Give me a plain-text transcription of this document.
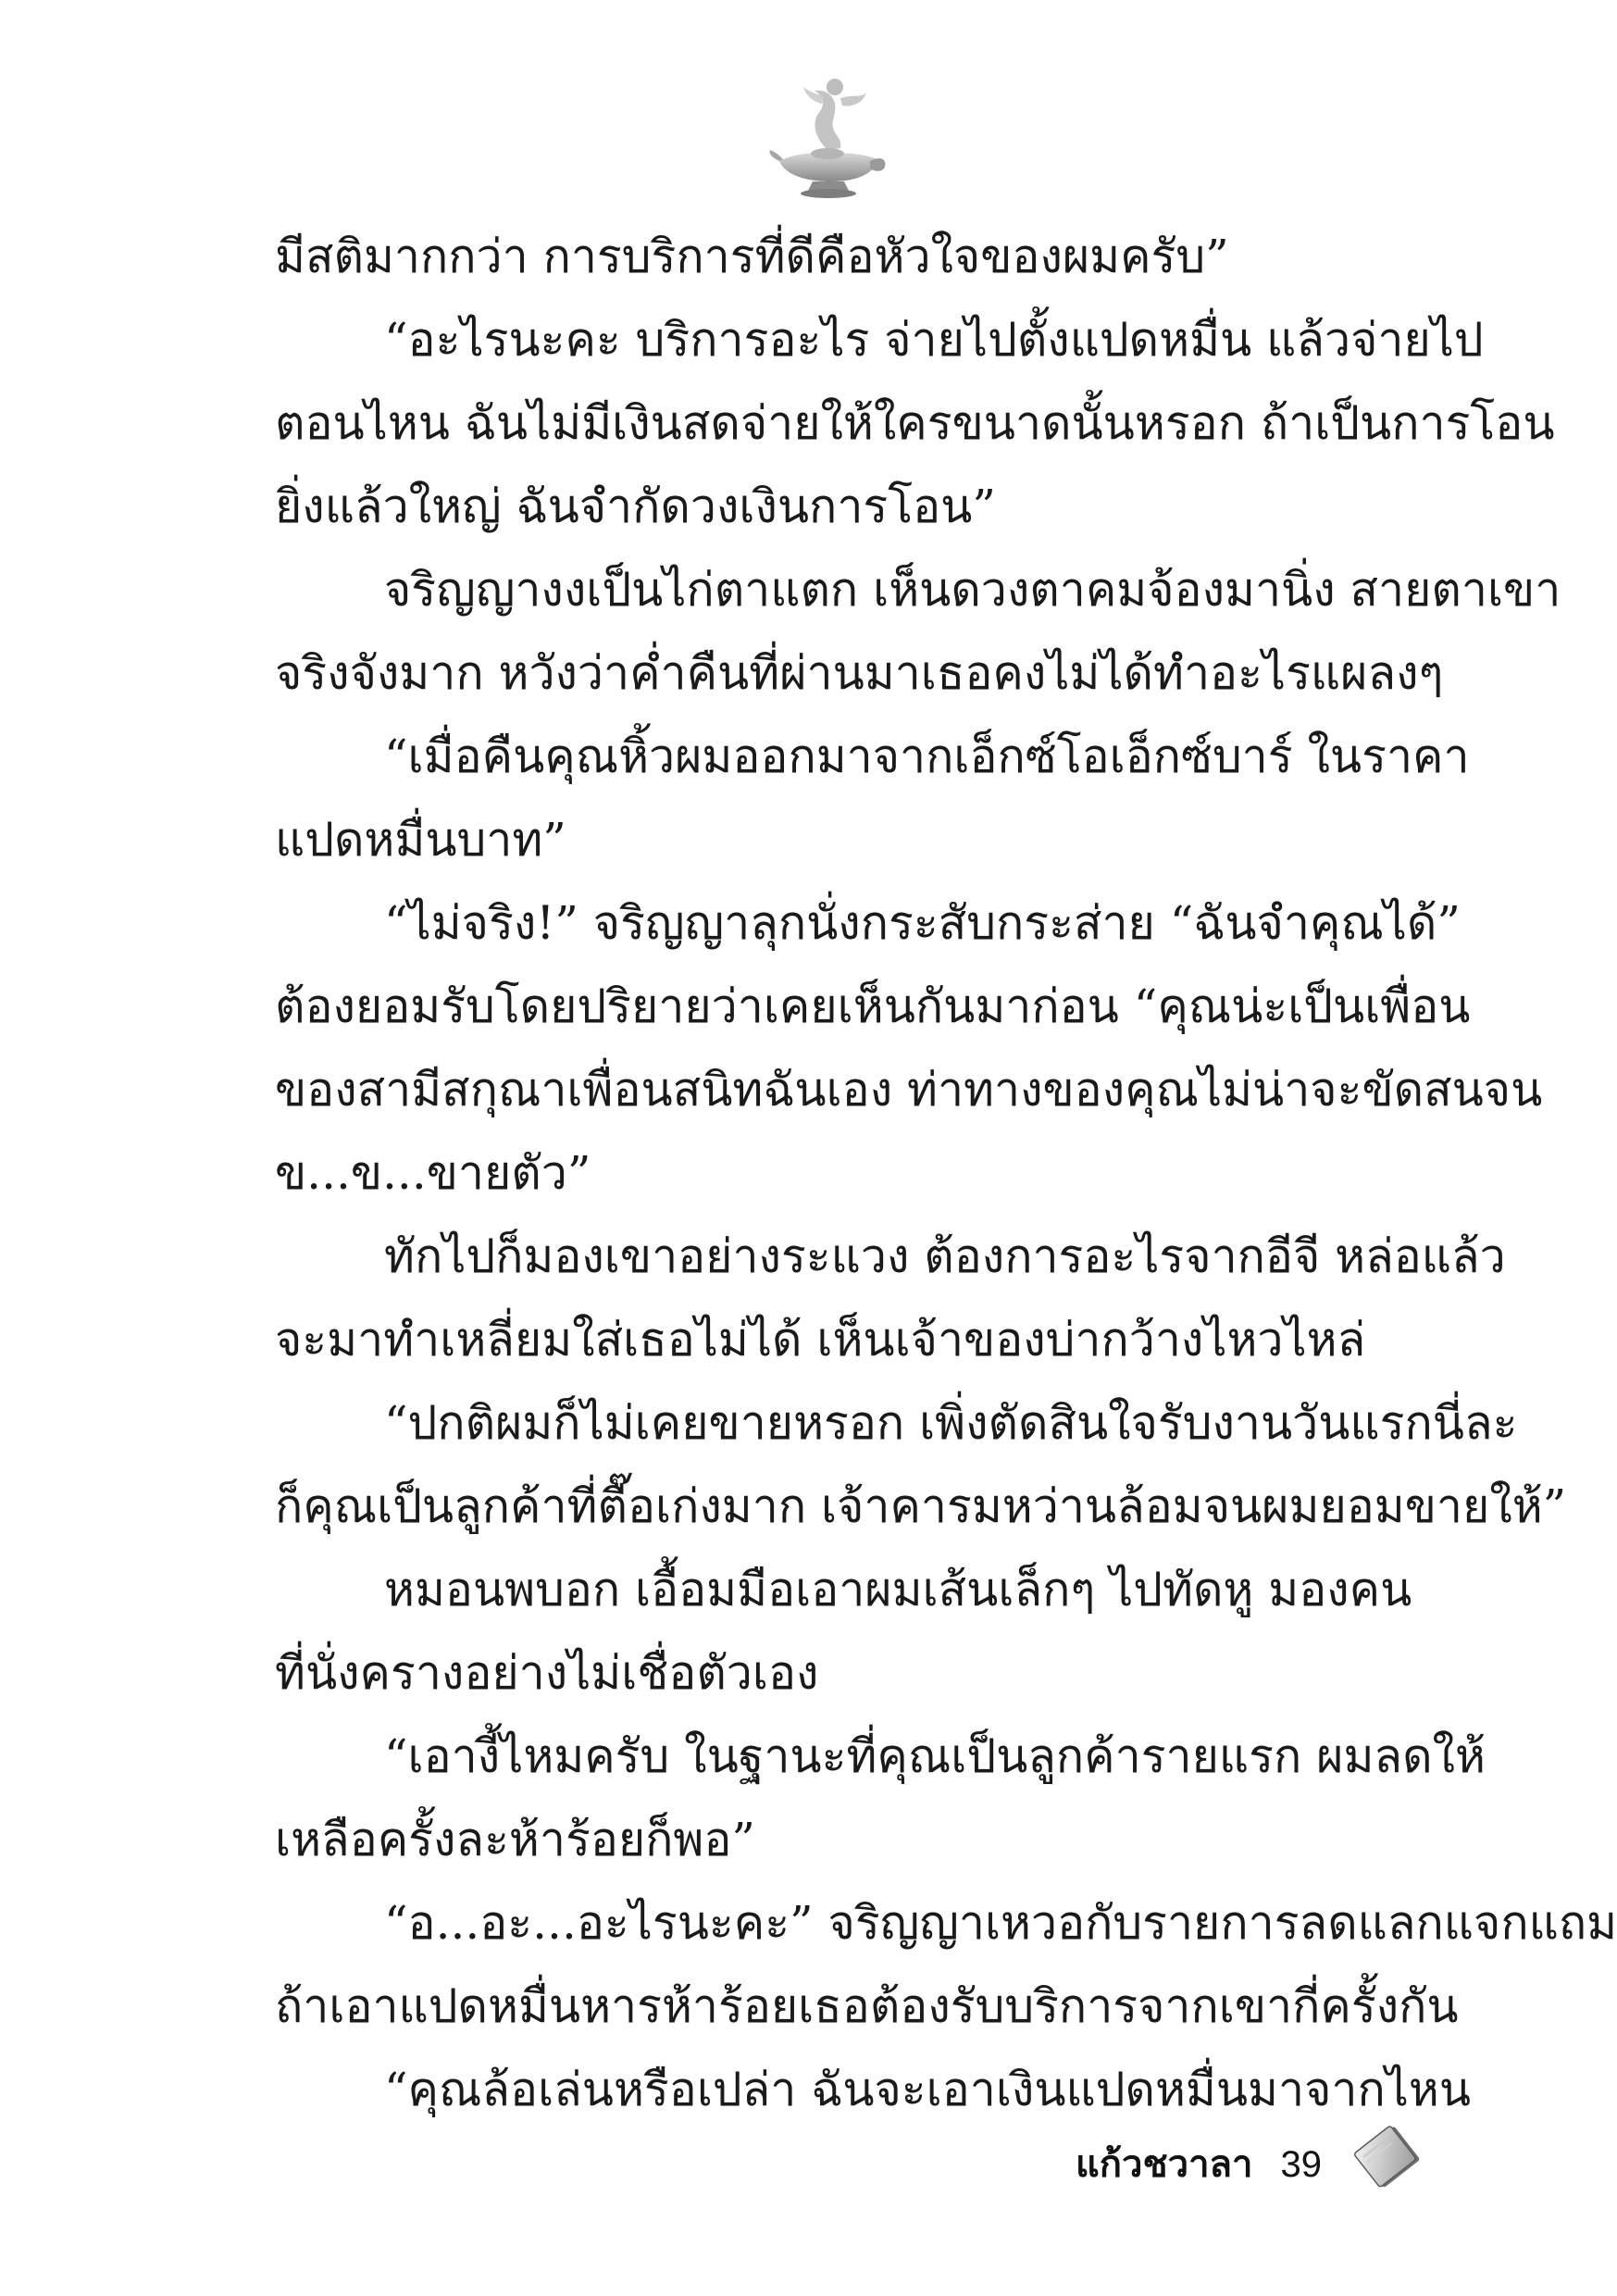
มีสติมากกว่า การบริการที่ดีคือหัวใจของผมครับ”
“อะไรนะคะ บริการอะไร จ่ายไปตั้งแปดหมื่น แล้วจ่ายไป
ตอนไหน ฉันไม่มีเงินสดจ่ายให้ใครขนาดนั้นหรอก ถ้าเป็นการโอน
ยิ่งแล้วใหญ่ ฉันจำกัดวงเงินการโอน”
จริญญางงเป็นไก่ตาแตก เห็นดวงตาคมจ้องมานิ่ง สายตาเขา
จริงจังมาก หวังว่าค่ำคืนที่ผ่านมาเธอคงไม่ได้ทำอะไรแผลงๆ
“เมื่อคืนคุณหิ้วผมออกมาจากเอ็กซ์โอเอ็กซ์บาร์ ในราคา
แปดหมื่นบาท”
“ไม่จริง!” จริญญาลุกนั่งกระสับกระส่าย “ฉันจำคุณได้”
ต้องยอมรับโดยปริยายว่าเคยเห็นกันมาก่อน “คุณน่ะเป็นเพื่อน
ของสามีสกุณาเพื่อนสนิทฉันเอง ท่าทางของคุณไม่น่าจะขัดสนจน
ข...ข...ขายตัว”
ทักไปก็มองเขาอย่างระแวง ต้องการอะไรจากอีจี หล่อแล้ว
จะมาทำเหลี่ยมใส่เธอไม่ได้ เห็นเจ้าของบ่ากว้างไหวไหล่
“ปกติผมก็ไม่เคยขายหรอก เพิ่งตัดสินใจรับงานวันแรกนี่ละ
ก็คุณเป็นลูกค้าที่ตื๊อเก่งมาก เจ้าคารมหว่านล้อมจนผมยอมขายให้”
หมอนพบอก เอื้อมมือเอาผมเส้นเล็กๆ ไปทัดหู มองคน
ที่นั่งครางอย่างไม่เชื่อตัวเอง
“เอางี้ไหมครับ ในฐานะที่คุณเป็นลูกค้ารายแรก ผมลดให้
เหลือครั้งละห้าร้อยก็พอ”
“อ...อะ...อะไรนะคะ” จริญญาเหวอกับรายการลดแลกแจกแถม
ถ้าเอาแปดหมื่นหารห้าร้อยเธอต้องรับบริการจากเขากี่ครั้งกัน
“คุณล้อเล่นหรือเปล่า ฉันจะเอาเงินแปดหมื่นมาจากไหน
แก้วชวาลา 39
